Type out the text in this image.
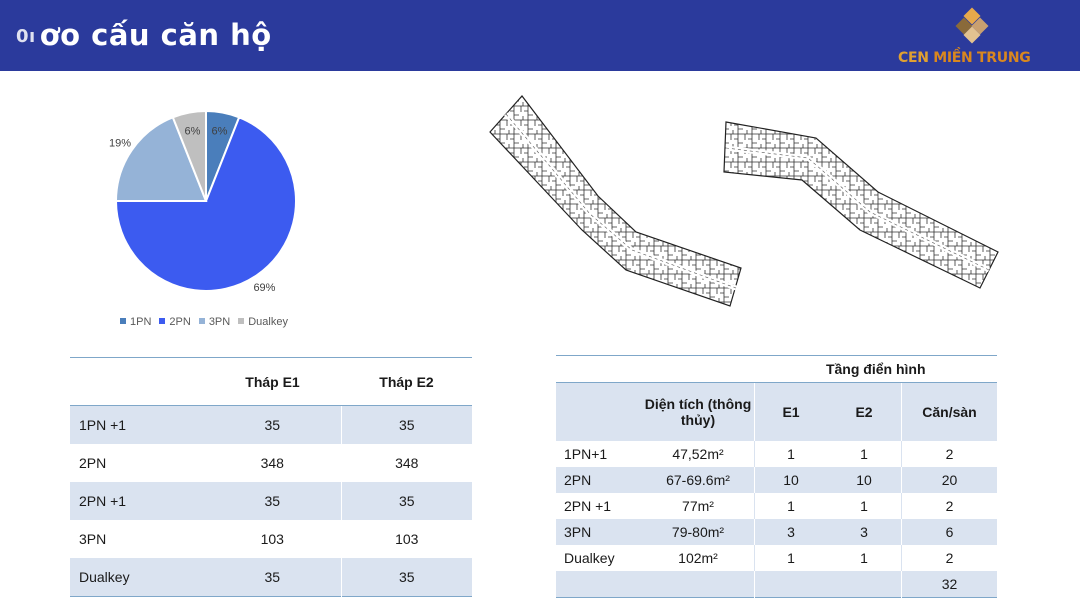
0ı ơo cấu căn hộ
CEN MIỀN TRUNG
6%
69%
19%
6%
1PN 2PN 3PN Dualkey
	Tháp E1	Tháp E2
1PN +1	35	35
2PN	348	348
2PN +1	35	35
3PN	103	103
Dualkey	35	35
		Tầng điển hình		
	Diện tích (thông thủy)	E1	E2	Căn/sàn
1PN+1	47,52m²	1	1	2
2PN	67-69.6m²	10	10	20
2PN +1	77m²	1	1	2
3PN	79-80m²	3	3	6
Dualkey	102m²	1	1	2
				32
